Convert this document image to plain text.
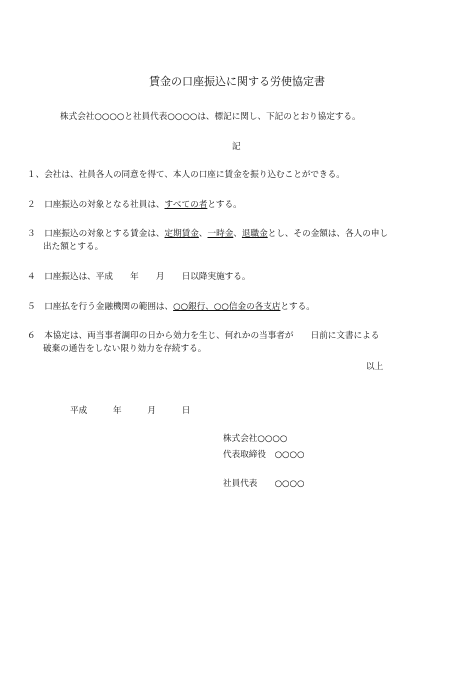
賃金の口座振込に関する労使協定書
株式会社○○○○と社員代表○○○○は、標記に関し、下記のとおり協定する。
記
１、会社は、社員各人の同意を得て、本人の口座に賃金を振り込むことができる。
２　口座振込の対象となる社員は、すべての者とする。
３　口座振込の対象とする賃金は、定期賃金、一時金、退職金とし、その金額は、各人の申し
出た額とする。
４　口座振込は、平成　　年　　月　　日以降実施する。
５　口座払を行う金融機関の範囲は、○○銀行、○○信金の各支店とする。
６　本協定は、両当事者調印の日から効力を生じ、何れかの当事者が　　日前に文書による
破棄の通告をしない限り効力を存続する。
以上
平成　　　年　　　月　　　日
株式会社○○○○
代表取締役　○○○○
社員代表　　○○○○
